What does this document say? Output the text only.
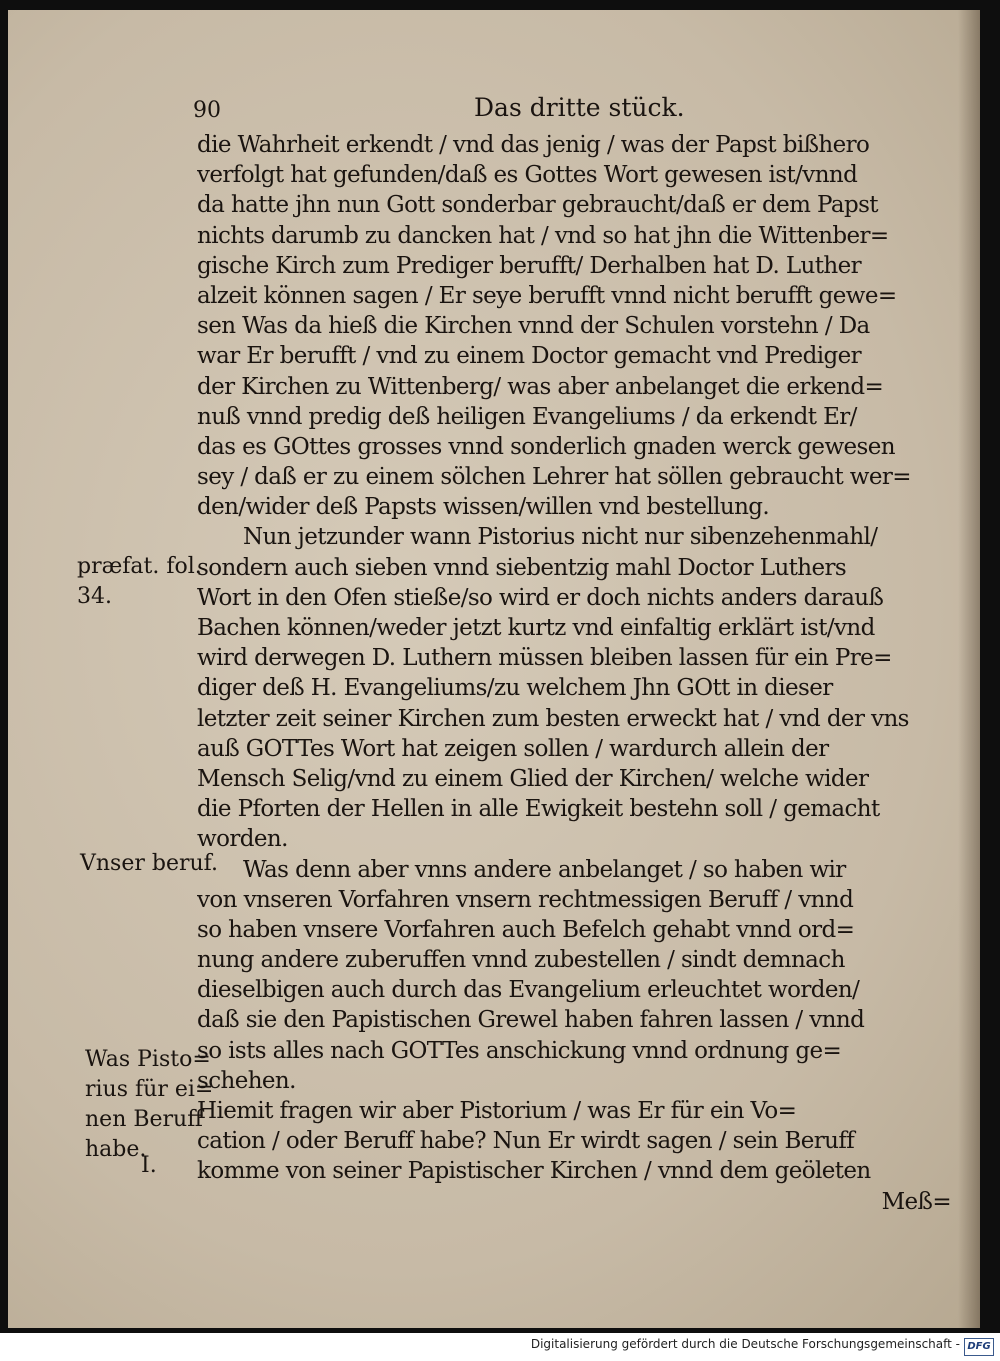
90	Das dritte stück.
die Wahrheit erkendt / vnd das jenig / was der Papst bißhero
verfolgt hat gefunden/daß es Gottes Wort gewesen ist/vnnd
da hatte jhn nun Gott sonderbar gebraucht/daß er dem Papst
nichts darumb zu dancken hat / vnd so hat jhn die Wittenber=
gische Kirch zum Prediger berufft/ Derhalben hat D. Luther
alzeit können sagen / Er seye berufft vnnd nicht berufft gewe=
sen Was da hieß die Kirchen vnnd der Schulen vorstehn / Da
war Er berufft / vnd zu einem Doctor gemacht vnd Prediger
der Kirchen zu Wittenberg/ was aber anbelanget die erkend=
nuß vnnd predig deß heiligen Evangeliums / da erkendt Er/
das es GOttes grosses vnnd sonderlich gnaden werck gewesen
sey / daß er zu einem sölchen Lehrer hat söllen gebraucht wer=
den/wider deß Papsts wissen/willen vnd bestellung.
Nun jetzunder wann Pistorius nicht nur sibenzehenmahl/
sondern auch sieben vnnd siebentzig mahl Doctor Luthers
Wort in den Ofen stieße/so wird er doch nichts anders darauß
Bachen können/weder jetzt kurtz vnd einfaltig erklärt ist/vnd
wird derwegen D. Luthern müssen bleiben lassen für ein Pre=
diger deß H. Evangeliums/zu welchem Jhn GOtt in dieser
letzter zeit seiner Kirchen zum besten erweckt hat / vnd der vns
auß GOTTes Wort hat zeigen sollen / wardurch allein der
Mensch Selig/vnd zu einem Glied der Kirchen/ welche wider
die Pforten der Hellen in alle Ewigkeit bestehn soll / gemacht
worden.
Was denn aber vnns andere anbelanget / so haben wir
von vnseren Vorfahren vnsern rechtmessigen Beruff / vnnd
so haben vnsere Vorfahren auch Befelch gehabt vnnd ord=
nung andere zuberuffen vnnd zubestellen / sindt demnach
dieselbigen auch durch das Evangelium erleuchtet worden/
daß sie den Papistischen Grewel haben fahren lassen / vnnd
so ists alles nach GOTTes anschickung vnnd ordnung ge=
schehen.
Hiemit fragen wir aber Pistorium / was Er für ein Vo=
cation / oder Beruff habe? Nun Er wirdt sagen / sein Beruff
komme von seiner Papistischer Kirchen / vnnd dem geöleten
Meß=
præfat. fol.
34.
Vnser beruf.
Was Pisto=
rius für ei=
nen Beruff
habe.
I.
Digitalisierung gefördert durch die Deutsche Forschungsgemeinschaft - DFG
